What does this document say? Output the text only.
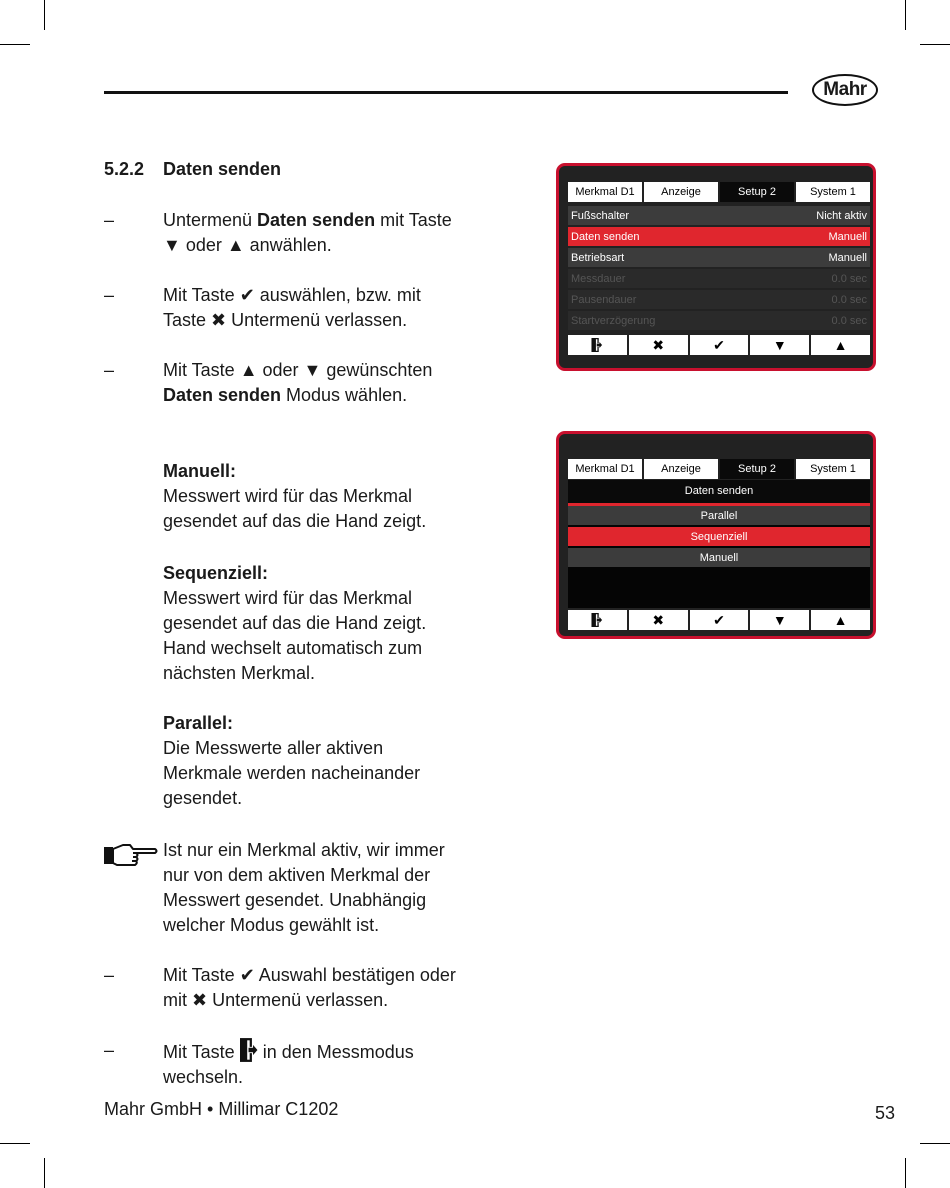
Mahr
5.2.2 Daten senden
–	Untermenü Daten senden mit Taste
▼ oder ▲ anwählen.
–	Mit Taste ✔ auswählen, bzw. mit
Taste ✖ Untermenü verlassen.
–	Mit Taste ▲ oder ▼ gewünschten
Daten senden Modus wählen.
Manuell:
Messwert wird für das Merkmal
gesendet auf das die Hand zeigt.
Sequenziell:
Messwert wird für das Merkmal
gesendet auf das die Hand zeigt.
Hand wechselt automatisch zum
nächsten Merkmal.
Parallel:
Die Messwerte aller aktiven
Merkmale werden nacheinander
gesendet.
Ist nur ein Merkmal aktiv, wir immer
nur von dem aktiven Merkmal der
Messwert gesendet. Unabhängig
welcher Modus gewählt ist.
–	Mit Taste ✔ Auswahl bestätigen oder
mit ✖ Untermenü verlassen.
–	Mit Taste  in den Messmodus
wechseln.
Merkmal D1	Anzeige	Setup 2	System 1
Fußschalter	Nicht aktiv
Daten senden	Manuell
Betriebsart	Manuell
Messdauer	0.0 sec
Pausendauer	0.0 sec
Startverzögerung	0.0 sec
✖	✔	▼	▲
Merkmal D1	Anzeige	Setup 2	System 1
Daten senden
Parallel
Sequenziell
Manuell
✖	✔	▼	▲
Mahr GmbH • Millimar C1202	53
